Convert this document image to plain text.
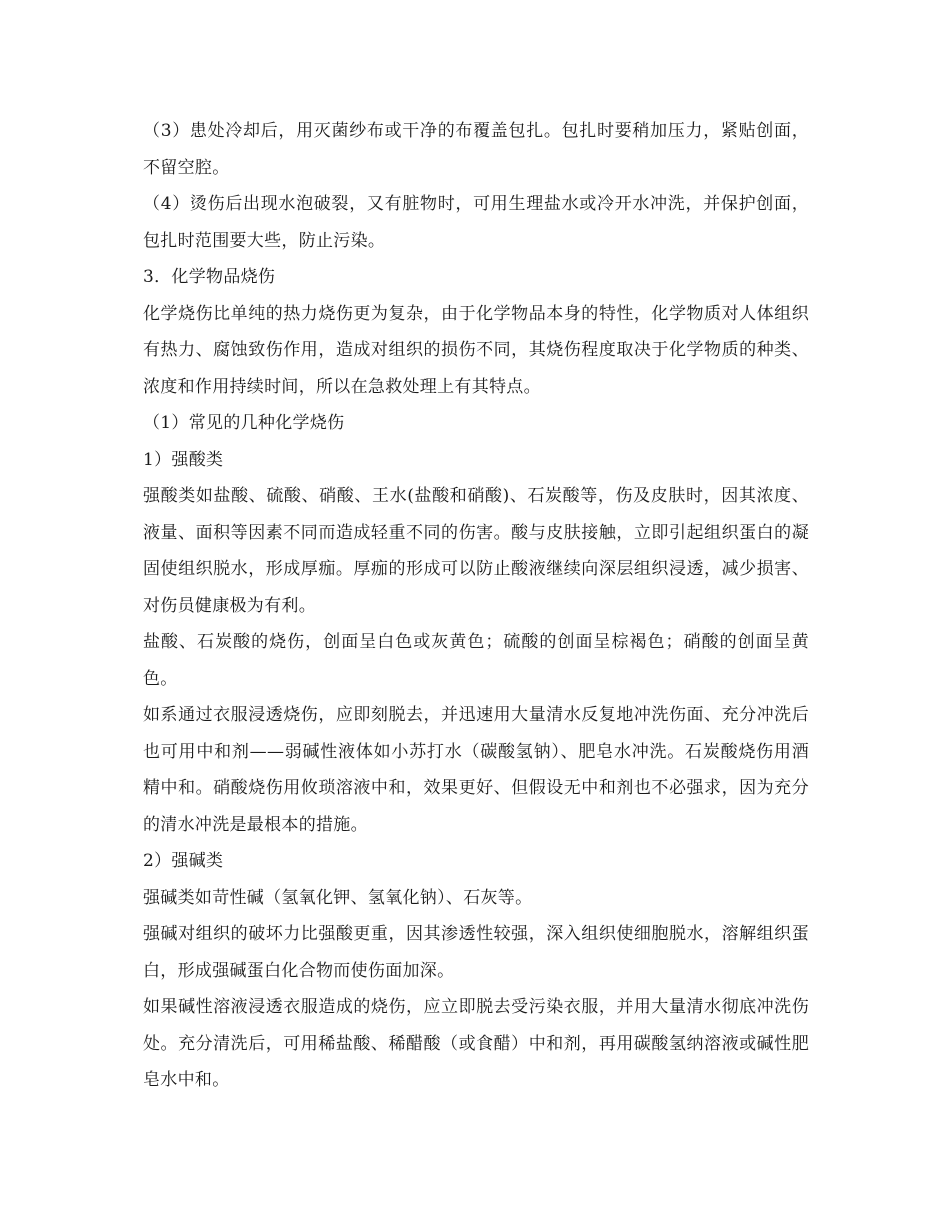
（3）患处冷却后，用灭菌纱布或干净的布覆盖包扎。包扎时要稍加压力，紧贴创面，不留空腔。

（4）烫伤后出现水泡破裂，又有脏物时，可用生理盐水或冷开水冲洗，并保护创面，包扎时范围要大些，防止污染。

3．化学物品烧伤

化学烧伤比单纯的热力烧伤更为复杂，由于化学物品本身的特性，化学物质对人体组织有热力、腐蚀致伤作用，造成对组织的损伤不同，其烧伤程度取决于化学物质的种类、浓度和作用持续时间，所以在急救处理上有其特点。

（1）常见的几种化学烧伤

1）强酸类

强酸类如盐酸、硫酸、硝酸、王水(盐酸和硝酸)、石炭酸等，伤及皮肤时，因其浓度、液量、面积等因素不同而造成轻重不同的伤害。酸与皮肤接触，立即引起组织蛋白的凝固使组织脱水，形成厚痂。厚痂的形成可以防止酸液继续向深层组织浸透，减少损害、对伤员健康极为有利。

盐酸、石炭酸的烧伤，创面呈白色或灰黄色；硫酸的创面呈棕褐色；硝酸的创面呈黄色。

如系通过衣服浸透烧伤，应即刻脱去，并迅速用大量清水反复地冲洗伤面、充分冲洗后也可用中和剂——弱碱性液体如小苏打水（碳酸氢钠）、肥皂水冲洗。石炭酸烧伤用酒精中和。硝酸烧伤用攸琐溶液中和，效果更好、但假设无中和剂也不必强求，因为充分的清水冲洗是最根本的措施。

2）强碱类

强碱类如苛性碱（氢氧化钾、氢氧化钠）、石灰等。

强碱对组织的破坏力比强酸更重，因其渗透性较强，深入组织使细胞脱水，溶解组织蛋白，形成强碱蛋白化合物而使伤面加深。

如果碱性溶液浸透衣服造成的烧伤，应立即脱去受污染衣服，并用大量清水彻底冲洗伤处。充分清洗后，可用稀盐酸、稀醋酸（或食醋）中和剂，再用碳酸氢纳溶液或碱性肥皂水中和。
